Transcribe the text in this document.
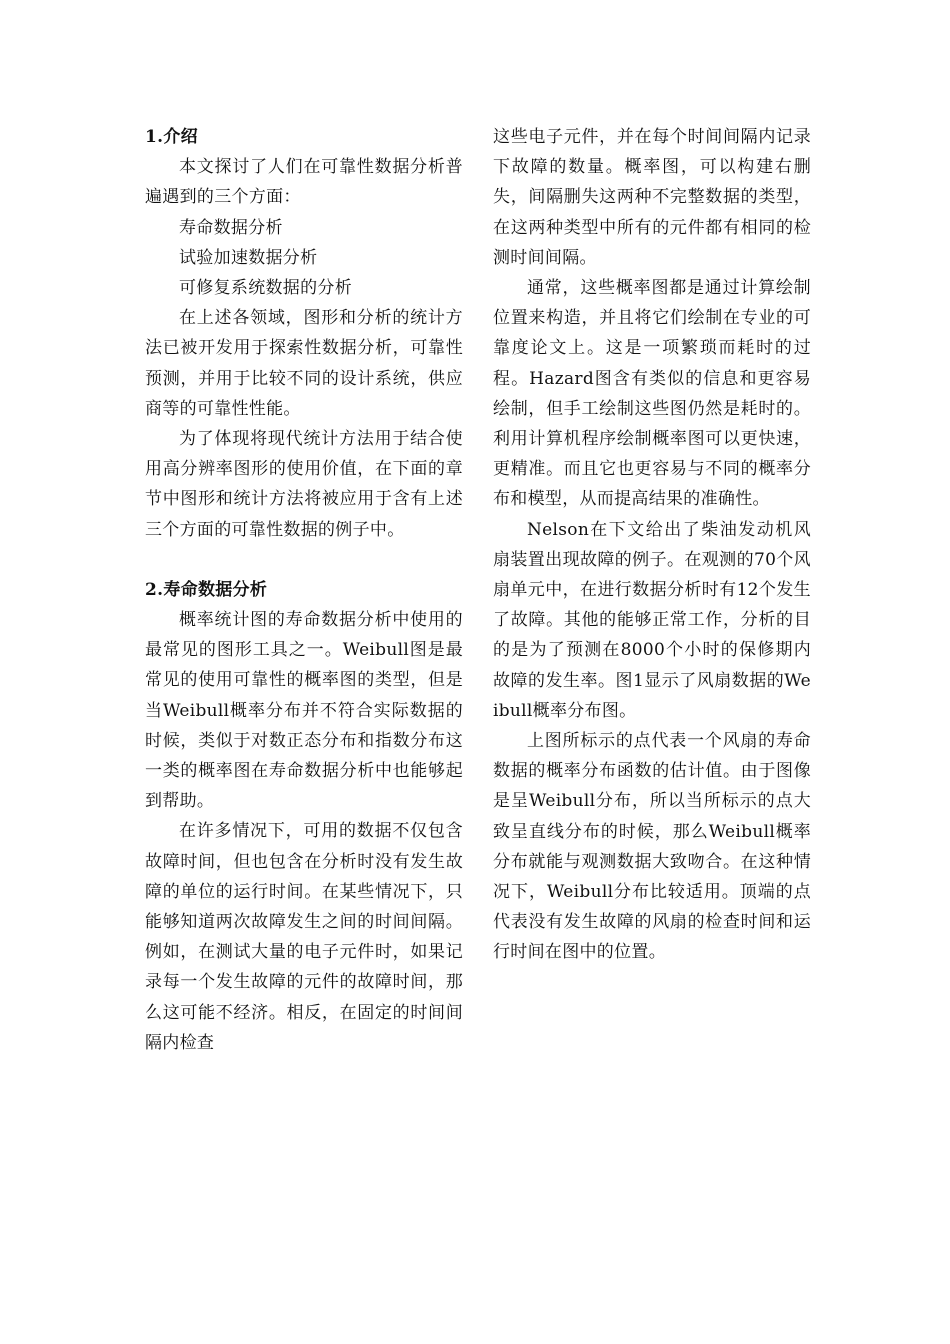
1.介绍

本文探讨了人们在可靠性数据分析普遍遇到的三个方面：

寿命数据分析

试验加速数据分析

可修复系统数据的分析

在上述各领域，图形和分析的统计方法已被开发用于探索性数据分析，可靠性预测，并用于比较不同的设计系统，供应商等的可靠性性能。

为了体现将现代统计方法用于结合使用高分辨率图形的使用价值，在下面的章节中图形和统计方法将被应用于含有上述三个方面的可靠性数据的例子中。

2.寿命数据分析

概率统计图的寿命数据分析中使用的最常见的图形工具之一。Weibull图是最常见的使用可靠性的概率图的类型，但是当Weibull概率分布并不符合实际数据的时候，类似于对数正态分布和指数分布这一类的概率图在寿命数据分析中也能够起到帮助。

在许多情况下，可用的数据不仅包含故障时间，但也包含在分析时没有发生故障的单位的运行时间。在某些情况下，只能够知道两次故障发生之间的时间间隔。例如，在测试大量的电子元件时，如果记录每一个发生故障的元件的故障时间，那么这可能不经济。相反，在固定的时间间隔内检查

这些电子元件，并在每个时间间隔内记录下故障的数量。概率图，可以构建右删失，间隔删失这两种不完整数据的类型，在这两种类型中所有的元件都有相同的检测时间间隔。

通常，这些概率图都是通过计算绘制位置来构造，并且将它们绘制在专业的可靠度论文上。这是一项繁琐而耗时的过程。Hazard图含有类似的信息和更容易绘制，但手工绘制这些图仍然是耗时的。利用计算机程序绘制概率图可以更快速，更精准。而且它也更容易与不同的概率分布和模型，从而提高结果的准确性。

Nelson在下文给出了柴油发动机风扇装置出现故障的例子。在观测的70个风扇单元中，在进行数据分析时有12个发生了故障。其他的能够正常工作，分析的目的是为了预测在8000个小时的保修期内故障的发生率。图1显示了风扇数据的Weibull概率分布图。

上图所标示的点代表一个风扇的寿命数据的概率分布函数的估计值。由于图像是呈Weibull分布，所以当所标示的点大致呈直线分布的时候，那么Weibull概率分布就能与观测数据大致吻合。在这种情况下，Weibull分布比较适用。顶端的点代表没有发生故障的风扇的检查时间和运行时间在图中的位置。
